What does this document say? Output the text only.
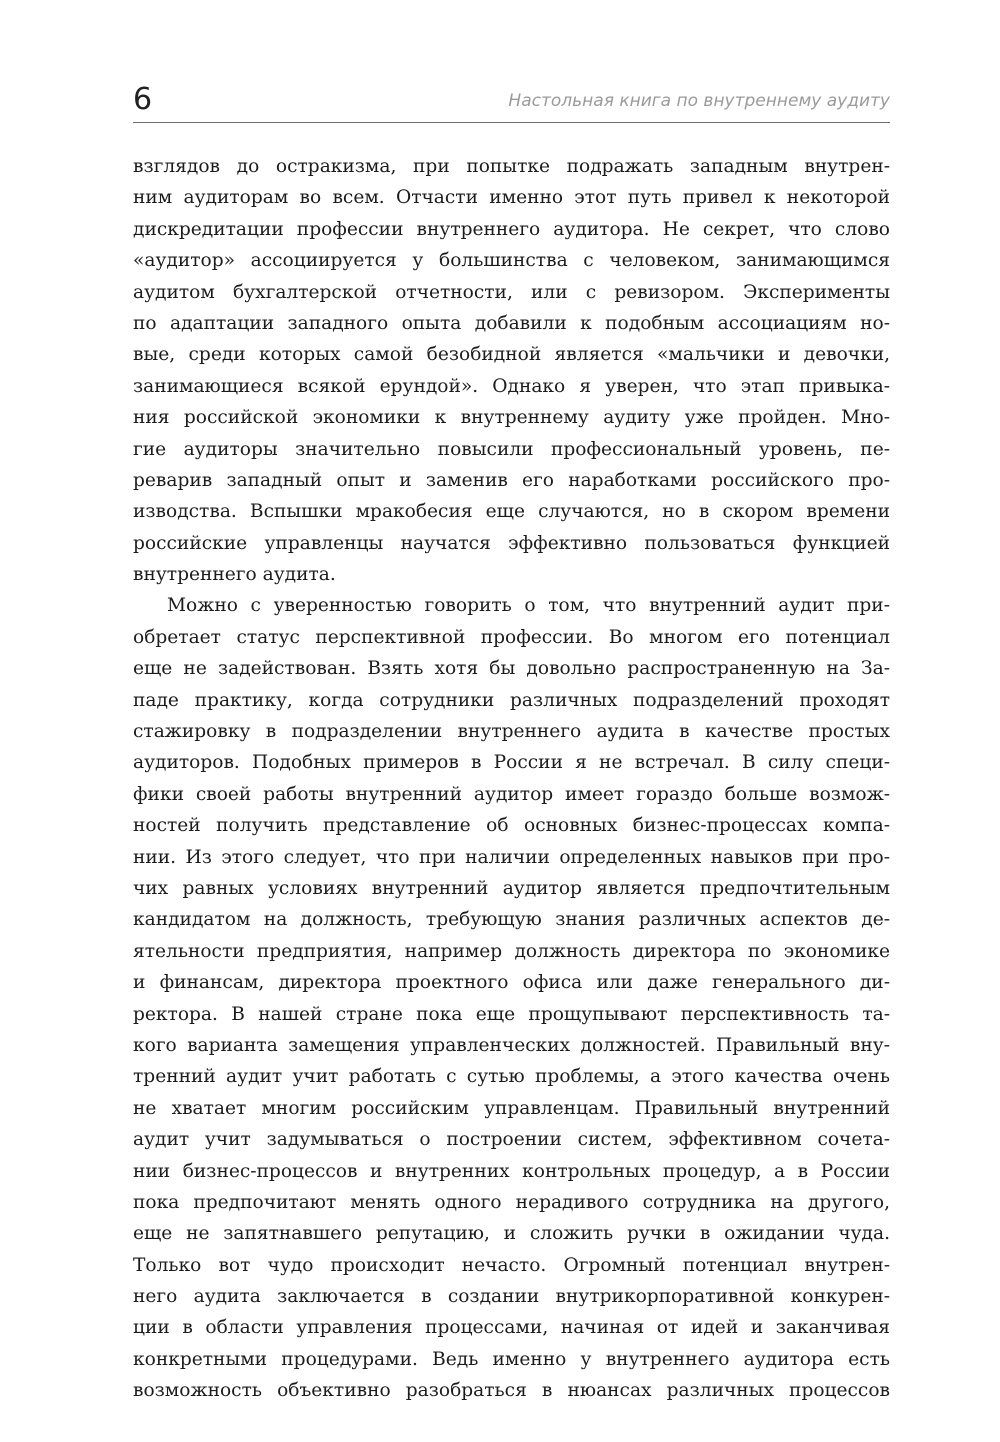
6	Настольная книга по внутреннему аудиту

взглядов до остракизма, при попытке подражать западным внутрен-
ним аудиторам во всем. Отчасти именно этот путь привел к некоторой
дискредитации профессии внутреннего аудитора. Не секрет, что слово
«аудитор» ассоциируется у большинства с человеком, занимающимся
аудитом бухгалтерской отчетности, или с ревизором. Эксперименты
по адаптации западного опыта добавили к подобным ассоциациям но-
вые, среди которых самой безобидной является «мальчики и девочки,
занимающиеся всякой ерундой». Однако я уверен, что этап привыка-
ния российской экономики к внутреннему аудиту уже пройден. Мно-
гие аудиторы значительно повысили профессиональный уровень, пе-
реварив западный опыт и заменив его наработками российского про-
изводства. Вспышки мракобесия еще случаются, но в скором времени
российские управленцы научатся эффективно пользоваться функцией
внутреннего аудита.

Можно с уверенностью говорить о том, что внутренний аудит при-
обретает статус перспективной профессии. Во многом его потенциал
еще не задействован. Взять хотя бы довольно распространенную на За-
паде практику, когда сотрудники различных подразделений проходят
стажировку в подразделении внутреннего аудита в качестве простых
аудиторов. Подобных примеров в России я не встречал. В силу специ-
фики своей работы внутренний аудитор имеет гораздо больше возмож-
ностей получить представление об основных бизнес-процессах компа-
нии. Из этого следует, что при наличии определенных навыков при про-
чих равных условиях внутренний аудитор является предпочтительным
кандидатом на должность, требующую знания различных аспектов де-
ятельности предприятия, например должность директора по экономике
и финансам, директора проектного офиса или даже генерального ди-
ректора. В нашей стране пока еще прощупывают перспективность та-
кого варианта замещения управленческих должностей. Правильный вну-
тренний аудит учит работать с сутью проблемы, а этого качества очень
не хватает многим российским управленцам. Правильный внутренний
аудит учит задумываться о построении систем, эффективном сочета-
нии бизнес-процессов и внутренних контрольных процедур, а в России
пока предпочитают менять одного нерадивого сотрудника на другого,
еще не запятнавшего репутацию, и сложить ручки в ожидании чуда.
Только вот чудо происходит нечасто. Огромный потенциал внутрен-
него аудита заключается в создании внутрикорпоративной конкурен-
ции в области управления процессами, начиная от идей и заканчивая
конкретными процедурами. Ведь именно у внутреннего аудитора есть
возможность объективно разобраться в нюансах различных процессов
